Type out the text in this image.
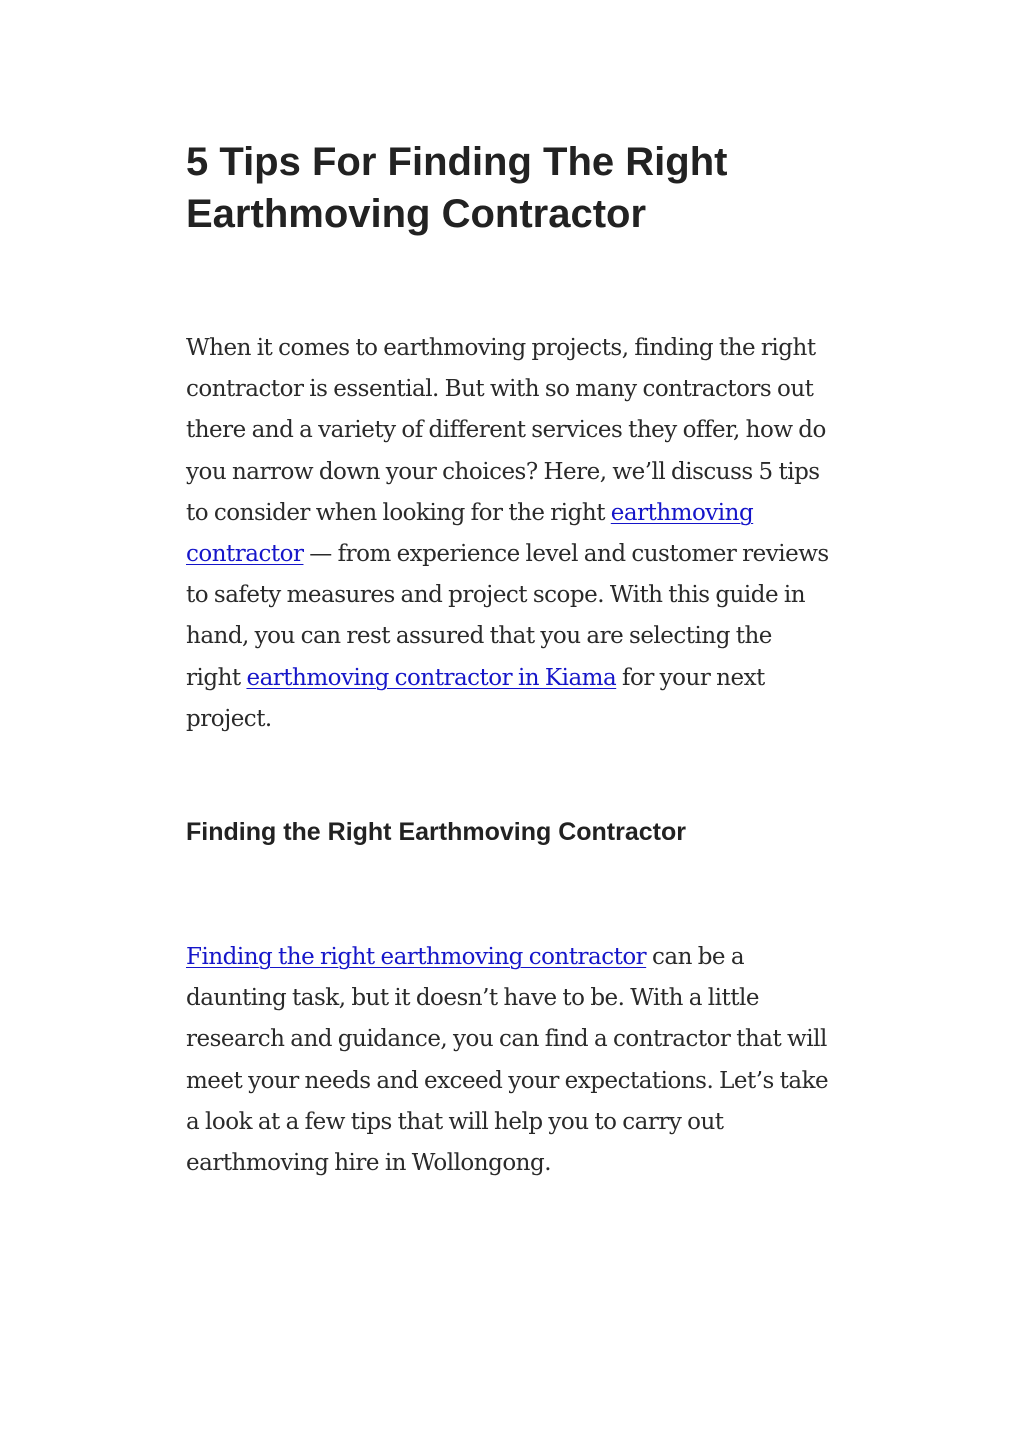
5 Tips For Finding The Right
Earthmoving Contractor

When it comes to earthmoving projects, finding the right
contractor is essential. But with so many contractors out
there and a variety of different services they offer, how do
you narrow down your choices? Here, we’ll discuss 5 tips
to consider when looking for the right earthmoving
contractor — from experience level and customer reviews
to safety measures and project scope. With this guide in
hand, you can rest assured that you are selecting the
right earthmoving contractor in Kiama for your next
project.

Finding the Right Earthmoving Contractor

Finding the right earthmoving contractor can be a
daunting task, but it doesn’t have to be. With a little
research and guidance, you can find a contractor that will
meet your needs and exceed your expectations. Let’s take
a look at a few tips that will help you to carry out
earthmoving hire in Wollongong.
